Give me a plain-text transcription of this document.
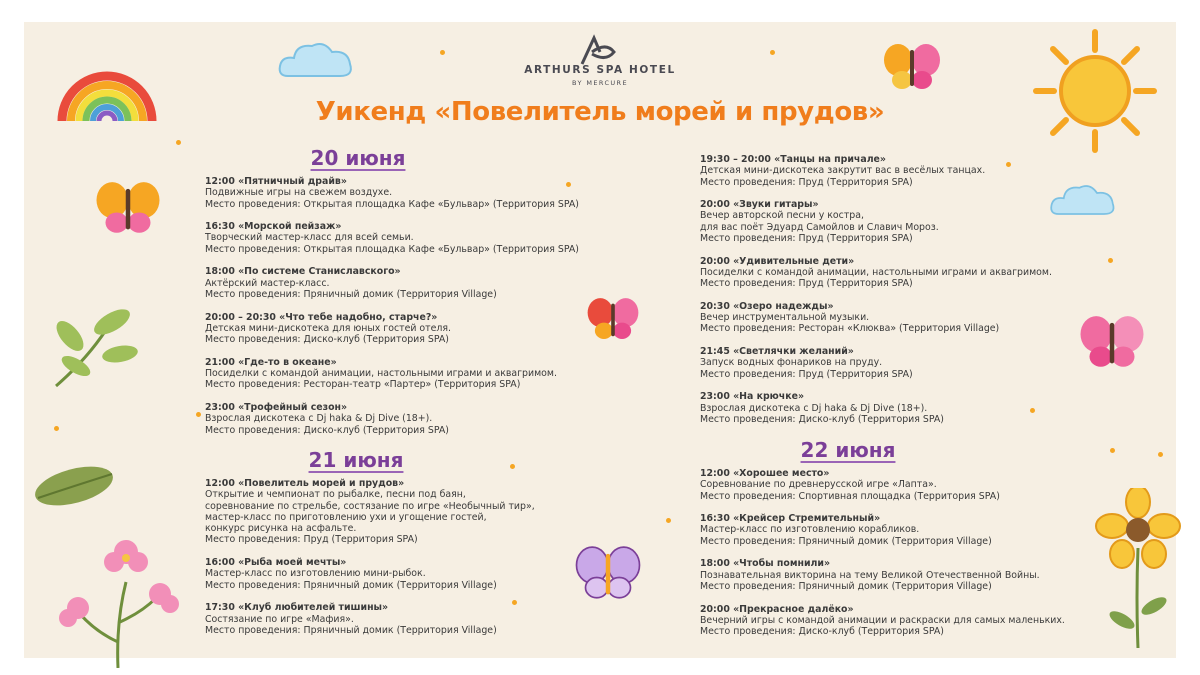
ARTHURS SPA HOTEL
BY MERCURE
Уикенд «Повелитель морей и прудов»
20 июня
21 июня	22 июня
12:00 «Пятничный драйв»
Подвижные игры на свежем воздухе.
Место проведения: Открытая площадка Кафе «Бульвар» (Территория SPA)
16:30 «Морской пейзаж»
Творческий мастер-класс для всей семьи.
Место проведения: Открытая площадка Кафе «Бульвар» (Территория SPA)
18:00 «По системе Станиславского»
Актёрский мастер-класс.
Место проведения: Пряничный домик (Территория Village)
20:00 – 20:30 «Что тебе надобно, старче?»
Детская мини-дискотека для юных гостей отеля.
Место проведения: Диско-клуб (Территория SPA)
21:00 «Где-то в океане»
Посиделки с командой анимации, настольными играми и аквагримом.
Место проведения: Ресторан-театр «Партер» (Территория SPA)
23:00 «Трофейный сезон»
Взрослая дискотека с Dj haka & Dj Dive (18+).
Место проведения: Диско-клуб (Территория SPA)
12:00 «Повелитель морей и прудов»
Открытие и чемпионат по рыбалке, песни под баян,
соревнование по стрельбе, состязание по игре «Необычный тир»,
мастер-класс по приготовлению ухи и угощение гостей,
конкурс рисунка на асфальте.
Место проведения: Пруд (Территория SPA)
16:00 «Рыба моей мечты»
Мастер-класс по изготовлению мини-рыбок.
Место проведения: Пряничный домик (Территория Village)
17:30 «Клуб любителей тишины»
Состязание по игре «Мафия».
Место проведения: Пряничный домик (Территория Village)
19:30 – 20:00 «Танцы на причале»
Детская мини-дискотека закрутит вас в весёлых танцах.
Место проведения: Пруд (Территория SPA)
20:00 «Звуки гитары»
Вечер авторской песни у костра,
для вас поёт Эдуард Самойлов и Славич Мороз.
Место проведения: Пруд (Территория SPA)
20:00 «Удивительные дети»
Посиделки с командой анимации, настольными играми и аквагримом.
Место проведения: Пруд (Территория SPA)
20:30 «Озеро надежды»
Вечер инструментальной музыки.
Место проведения: Ресторан «Клюква» (Территория Village)
21:45 «Светлячки желаний»
Запуск водных фонариков на пруду.
Место проведения: Пруд (Территория SPA)
23:00 «На крючке»
Взрослая дискотека с Dj haka & Dj Dive (18+).
Место проведения: Диско-клуб (Территория SPA)
12:00 «Хорошее место»
Соревнование по древнерусской игре «Лапта».
Место проведения: Спортивная площадка (Территория SPA)
16:30 «Крейсер Стремительный»
Мастер-класс по изготовлению корабликов.
Место проведения: Пряничный домик (Территория Village)
18:00 «Чтобы помнили»
Познавательная викторина на тему Великой Отечественной Войны.
Место проведения: Пряничный домик (Территория Village)
20:00 «Прекрасное далёко»
Вечерний игры с командой анимации и раскраски для самых маленьких.
Место проведения: Диско-клуб (Территория SPA)
